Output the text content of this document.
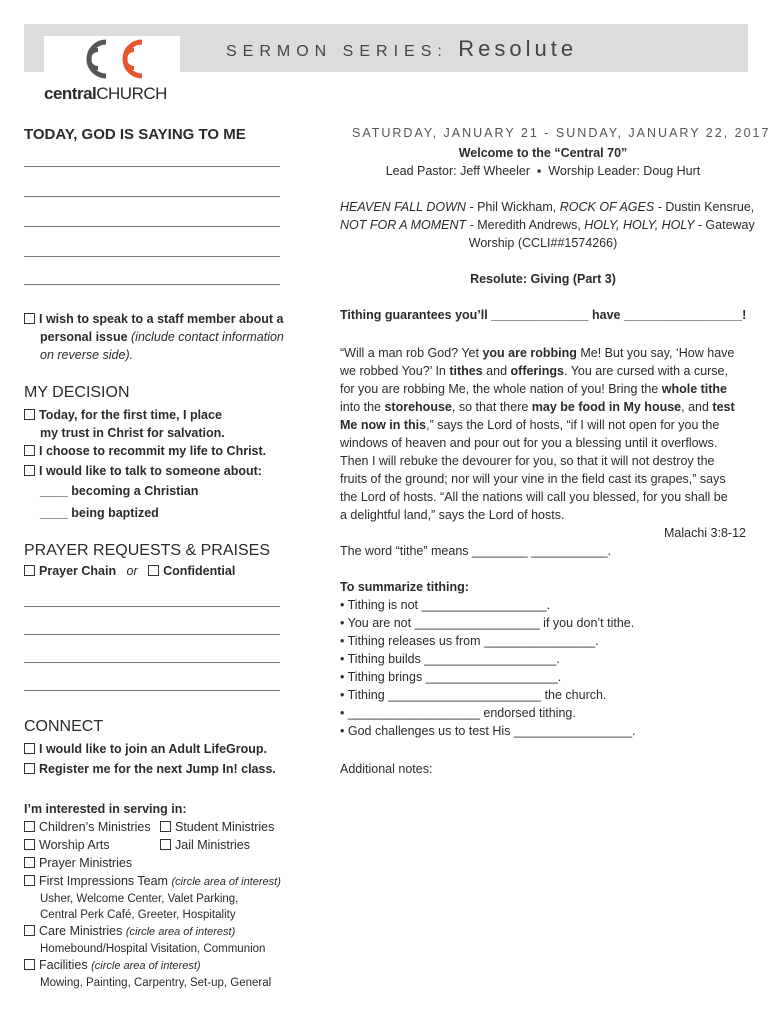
centralCHURCH
SERMON SERIES: Resolute
TODAY, GOD IS SAYING TO ME
I wish to speak to a staff member about a
personal issue (include contact information
on reverse side).
MY DECISION
Today, for the first time, I place
my trust in Christ for salvation.
I choose to recommit my life to Christ.
I would like to talk to someone about:
____ becoming a Christian
____ being baptized
PRAYER REQUESTS & PRAISES
Prayer Chain or Confidential
CONNECT
I would like to join an Adult LifeGroup.
Register me for the next Jump In! class.
I’m interested in serving in:
Children’s Ministries	Student Ministries
Worship Arts	Jail Ministries
Prayer Ministries
First Impressions Team (circle area of interest)
Usher, Welcome Center, Valet Parking,
Central Perk Café, Greeter, Hospitality
Care Ministries (circle area of interest)
Homebound/Hospital Visitation, Communion
Facilities (circle area of interest)
Mowing, Painting, Carpentry, Set-up, General
SATURDAY, JANUARY 21 - SUNDAY, JANUARY 22, 2017
Welcome to the “Central 70”
Lead Pastor: Jeff Wheeler  ▪  Worship Leader: Doug Hurt
HEAVEN FALL DOWN - Phil Wickham, ROCK OF AGES - Dustin Kensrue,
NOT FOR A MOMENT - Meredith Andrews, HOLY, HOLY, HOLY - Gateway
Worship (CCLI##1574266)
Resolute: Giving (Part 3)
Tithing guarantees you’ll ______________ have _________________!
“Will a man rob God? Yet you are robbing Me! But you say, ‘How have
we robbed You?’ In tithes and offerings. You are cursed with a curse,
for you are robbing Me, the whole nation of you! Bring the whole tithe
into the storehouse, so that there may be food in My house, and test
Me now in this,” says the Lord of hosts, “if I will not open for you the
windows of heaven and pour out for you a blessing until it overflows.
Then I will rebuke the devourer for you, so that it will not destroy the
fruits of the ground; nor will your vine in the field cast its grapes,” says
the Lord of hosts. “All the nations will call you blessed, for you shall be
a delightful land,” says the Lord of hosts.
Malachi 3:8-12
The word “tithe” means ________ ___________.
To summarize tithing:
• Tithing is not __________________.
• You are not __________________ if you don’t tithe.
• Tithing releases us from ________________.
• Tithing builds ___________________.
• Tithing brings ___________________.
• Tithing ______________________ the church.
• ___________________ endorsed tithing.
• God challenges us to test His _________________.
Additional notes:
